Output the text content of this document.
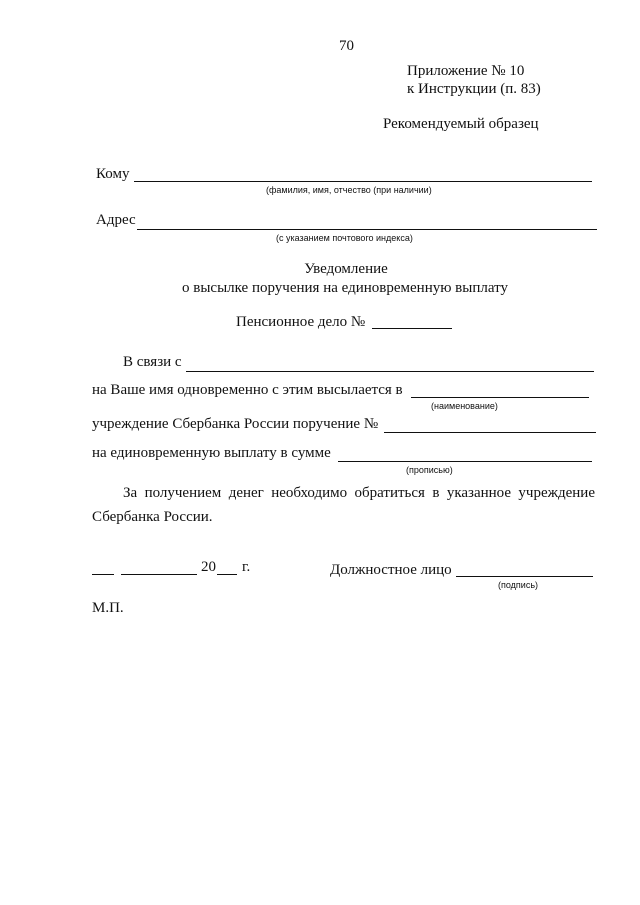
70
Приложение № 10
к Инструкции (п. 83)
Рекомендуемый образец
Кому
(фамилия, имя, отчество (при наличии)
Адрес
(с указанием почтового индекса)
Уведомление
о высылке поручения на единовременную выплату
Пенсионное дело №
В связи с
на Ваше имя одновременно с этим высылается в
(наименование)
учреждение Сбербанка России поручение №
на единовременную выплату в сумме
(прописью)
За получением денег необходимо обратиться в указанное учреждение
Сбербанка России.
20 г.	Должностное лицо
(подпись)
М.П.
